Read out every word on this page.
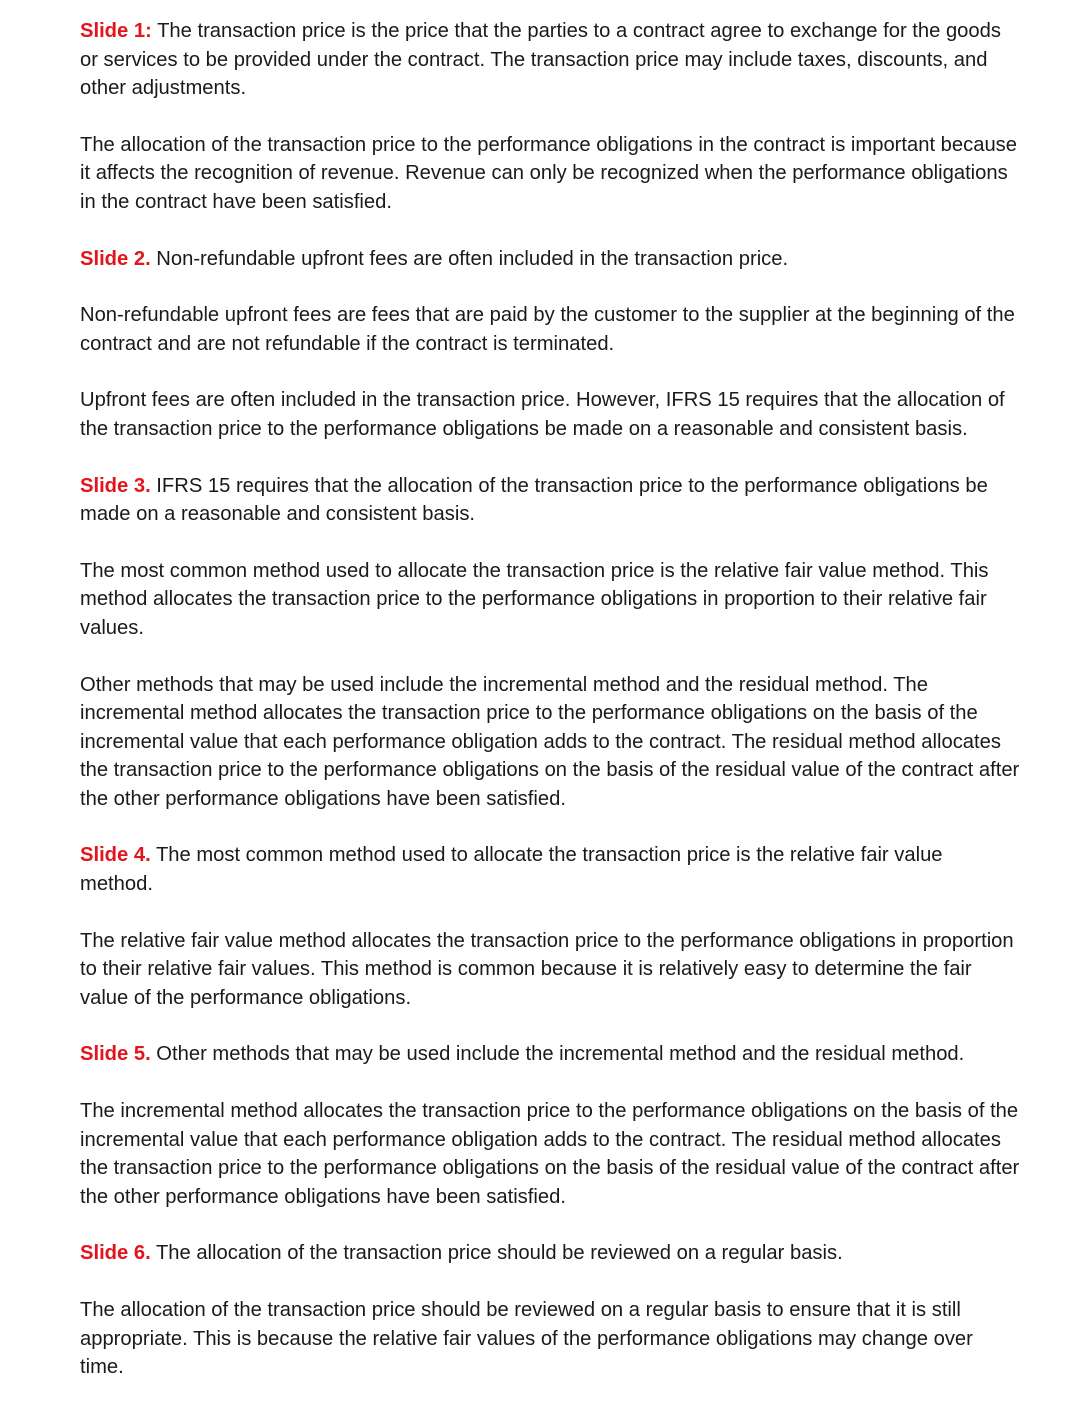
Slide 1: The transaction price is the price that the parties to a contract agree to exchange for the goods or services to be provided under the contract. The transaction price may include taxes, discounts, and other adjustments.

The allocation of the transaction price to the performance obligations in the contract is important because it affects the recognition of revenue. Revenue can only be recognized when the performance obligations in the contract have been satisfied.

Slide 2. Non-refundable upfront fees are often included in the transaction price.

Non-refundable upfront fees are fees that are paid by the customer to the supplier at the beginning of the contract and are not refundable if the contract is terminated.

Upfront fees are often included in the transaction price. However, IFRS 15 requires that the allocation of the transaction price to the performance obligations be made on a reasonable and consistent basis.

Slide 3. IFRS 15 requires that the allocation of the transaction price to the performance obligations be made on a reasonable and consistent basis.

The most common method used to allocate the transaction price is the relative fair value method. This method allocates the transaction price to the performance obligations in proportion to their relative fair values.

Other methods that may be used include the incremental method and the residual method. The incremental method allocates the transaction price to the performance obligations on the basis of the incremental value that each performance obligation adds to the contract. The residual method allocates the transaction price to the performance obligations on the basis of the residual value of the contract after the other performance obligations have been satisfied.

Slide 4. The most common method used to allocate the transaction price is the relative fair value method.

The relative fair value method allocates the transaction price to the performance obligations in proportion to their relative fair values. This method is common because it is relatively easy to determine the fair value of the performance obligations.

Slide 5. Other methods that may be used include the incremental method and the residual method.

The incremental method allocates the transaction price to the performance obligations on the basis of the incremental value that each performance obligation adds to the contract. The residual method allocates the transaction price to the performance obligations on the basis of the residual value of the contract after the other performance obligations have been satisfied.

Slide 6. The allocation of the transaction price should be reviewed on a regular basis.

The allocation of the transaction price should be reviewed on a regular basis to ensure that it is still appropriate. This is because the relative fair values of the performance obligations may change over time.
